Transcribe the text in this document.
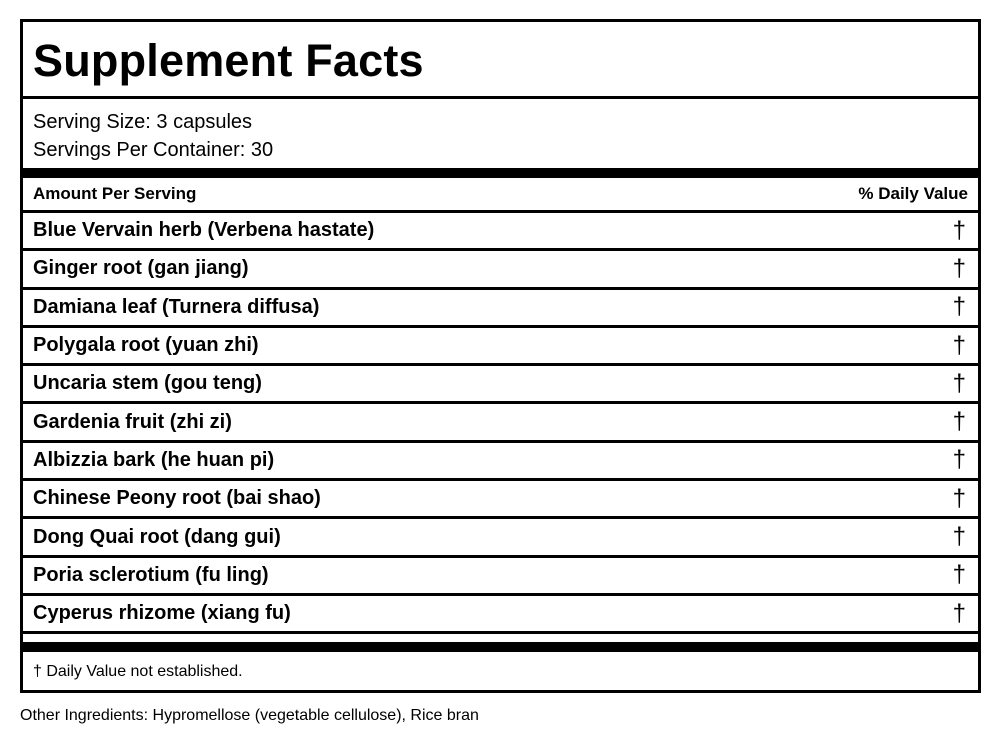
Supplement Facts
Serving Size: 3 capsules
Servings Per Container: 30
Amount Per Serving	% Daily Value
Blue Vervain herb (Verbena hastate)	†
Ginger root (gan jiang)	†
Damiana leaf (Turnera diffusa)	†
Polygala root (yuan zhi)	†
Uncaria stem (gou teng)	†
Gardenia fruit (zhi zi)	†
Albizzia bark (he huan pi)	†
Chinese Peony root (bai shao)	†
Dong Quai root (dang gui)	†
Poria sclerotium (fu ling)	†
Cyperus rhizome (xiang fu)	†
† Daily Value not established.
Other Ingredients: Hypromellose (vegetable cellulose), Rice bran
